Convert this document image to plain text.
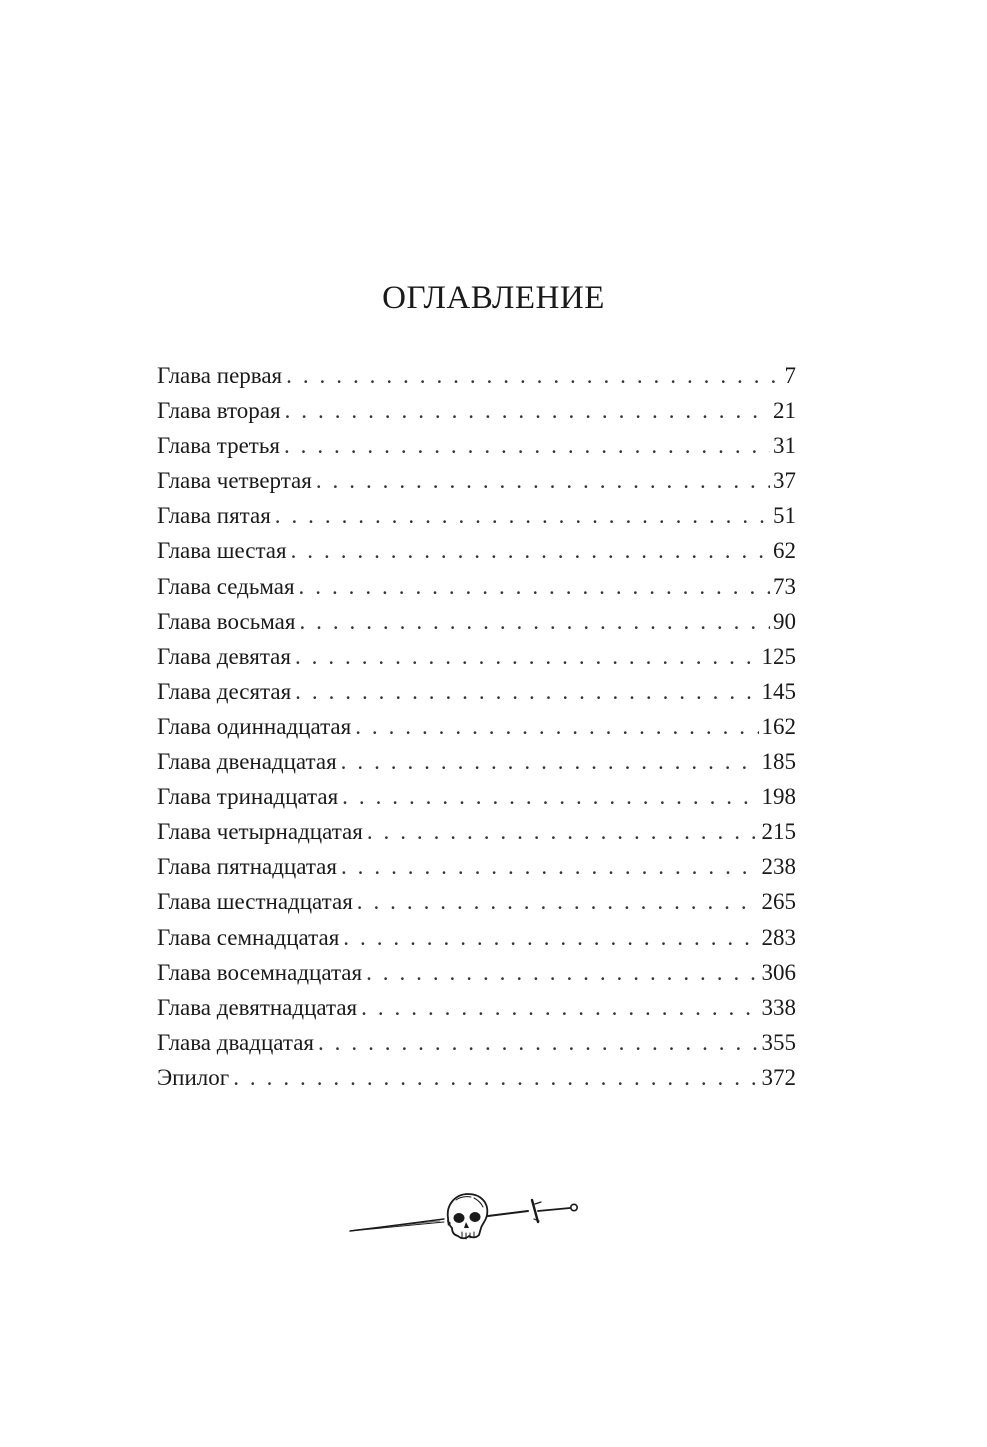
ОГЛАВЛЕНИЕ
Глава первая . . .	7
Глава вторая . . .	21
Глава третья . . .	31
Глава четвертая . . .	37
Глава пятая . . .	51
Глава шестая . . .	62
Глава седьмая . . .	73
Глава восьмая . . .	90
Глава девятая . . .	125
Глава десятая . . .	145
Глава одиннадцатая . . .	162
Глава двенадцатая . . .	185
Глава тринадцатая . . .	198
Глава четырнадцатая . . .	215
Глава пятнадцатая . . .	238
Глава шестнадцатая . . .	265
Глава семнадцатая . . .	283
Глава восемнадцатая . . .	306
Глава девятнадцатая . . .	338
Глава двадцатая . . .	355
Эпилог . . .	372
